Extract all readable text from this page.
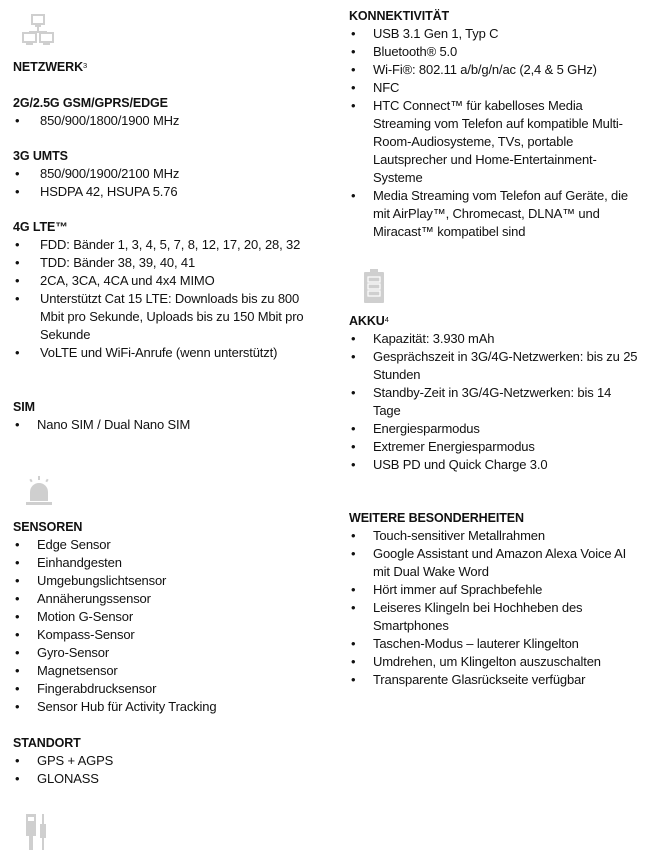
NETZWERK$^3$

2G/2.5G GSM/GPRS/EDGE

• 850/900/1800/1900 MHz

3G UMTS

• 850/900/1900/2100 MHz
• HSDPA 42, HSUPA 5.76

4G LTE™

• FDD: Bänder 1, 3, 4, 5, 7, 8, 12, 17, 20, 28, 32
• TDD: Bänder 38, 39, 40, 41
• 2CA, 3CA, 4CA und 4x4 MIMO
• Unterstützt Cat 15 LTE: Downloads bis zu 800 Mbit pro Sekunde, Uploads bis zu 150 Mbit pro Sekunde
• VoLTE und WiFi-Anrufe (wenn unterstützt)

SIM

• Nano SIM / Dual Nano SIM

SENSOREN

• Edge Sensor
• Einhandgesten
• Umgebungslichtsensor
• Annäherungssensor
• Motion G-Sensor
• Kompass-Sensor
• Gyro-Sensor
• Magnetsensor
• Fingerabdrucksensor
• Sensor Hub für Activity Tracking

STANDORT

• GPS + AGPS
• GLONASS

KONNEKTIVITÄT

• USB 3.1 Gen 1, Typ C
• Bluetooth® 5.0
• Wi-Fi®: 802.11 a/b/g/n/ac (2,4 & 5 GHz)
• NFC
• HTC Connect™ für kabelloses Media Streaming vom Telefon auf kompatible Multi-Room-Audiosysteme, TVs, portable Lautsprecher und Home-Entertainment-Systeme
• Media Streaming vom Telefon auf Geräte, die mit AirPlay™, Chromecast, DLNA™ und Miracast™ kompatibel sind

AKKU$^4$

• Kapazität: 3.930 mAh
• Gesprächszeit in 3G/4G-Netzwerken: bis zu 25 Stunden
• Standby-Zeit in 3G/4G-Netzwerken: bis 14 Tage
• Energiesparmodus
• Extremer Energiesparmodus
• USB PD und Quick Charge 3.0

WEITERE BESONDERHEITEN

• Touch-sensitiver Metallrahmen
• Google Assistant und Amazon Alexa Voice AI mit Dual Wake Word
• Hört immer auf Sprachbefehle
• Leiseres Klingeln bei Hochheben des Smartphones
• Taschen-Modus – lauterer Klingelton
• Umdrehen, um Klingelton auszuschalten
• Transparente Glasrückseite verfügbar
